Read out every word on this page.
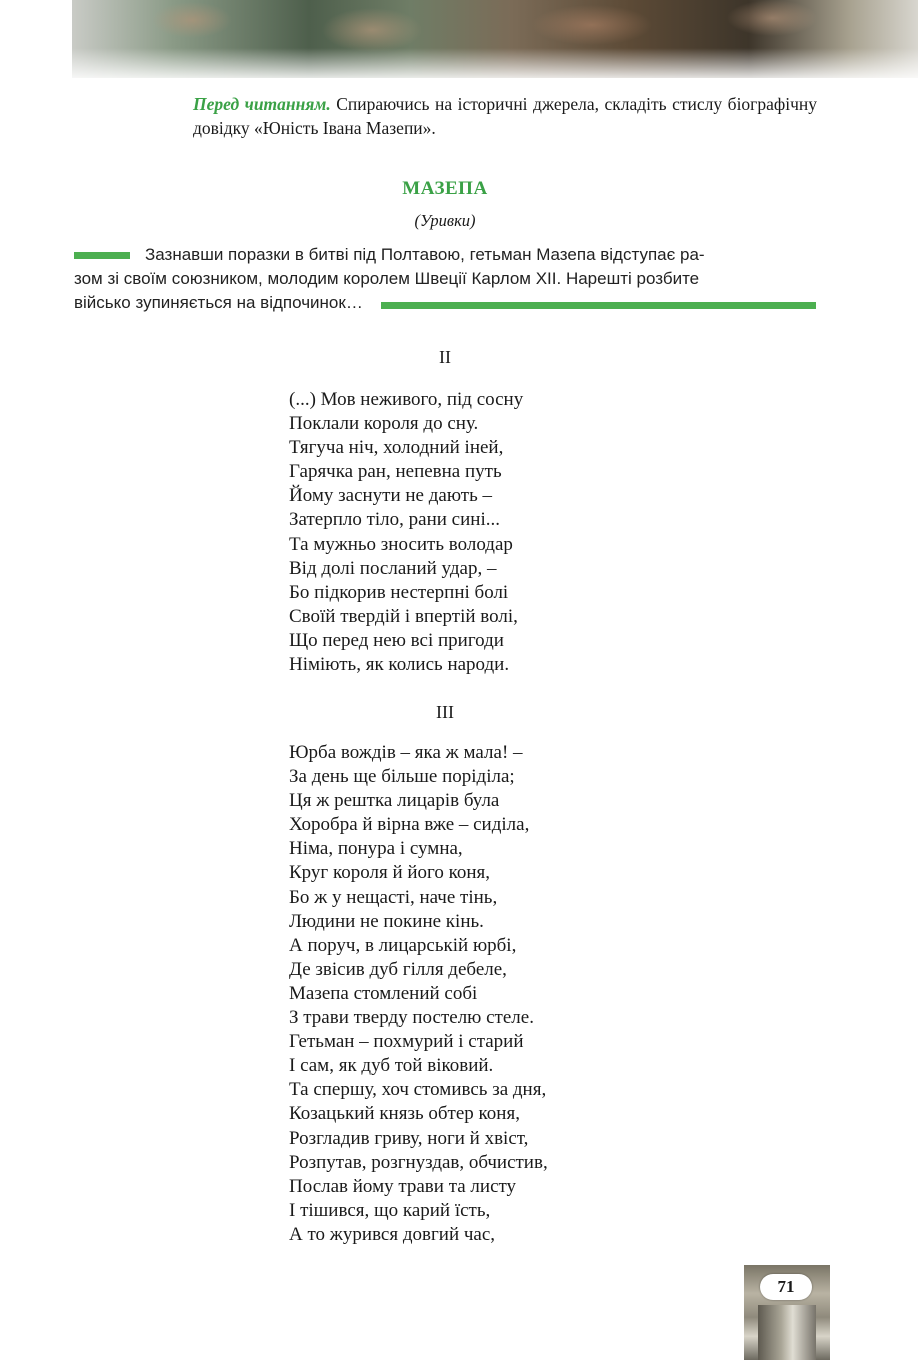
Перед читанням. Спираючись на історичні джерела, складіть стислу біографічну довідку «Юність Івана Мазепи».

МАЗЕПА
(Уривки)
Зазнавши поразки в битві під Полтавою, гетьман Мазепа відступає ра-
зом зі своїм союзником, молодим королем Швеції Карлом XII. Нарешті розбите
військо зупиняється на відпочинок…
II
(...) Мов неживого, під сосну
Поклали короля до сну.
Тягуча ніч, холодний іней,
Гарячка ран, непевна путь
Йому заснути не дають –
Затерпло тіло, рани сині...
Та мужньо зносить володар
Від долі посланий удар, –
Бо підкорив нестерпні болі
Своїй твердій і впертій волі,
Що перед нею всі пригоди
Німіють, як колись народи.
III
Юрба вождів – яка ж мала! –
За день ще більше поріділа;
Ця ж рештка лицарів була
Хоробра й вірна вже – сиділа,
Німа, понура і сумна,
Круг короля й його коня,
Бо ж у нещасті, наче тінь,
Людини не покине кінь.
А поруч, в лицарській юрбі,
Де звісив дуб гілля дебеле,
Мазепа стомлений собі
З трави тверду постелю стеле.
Гетьман – похмурий і старий
І сам, як дуб той віковий.
Та спершу, хоч стомивсь за дня,
Козацький князь обтер коня,
Розгладив гриву, ноги й хвіст,
Розпутав, розгнуздав, обчистив,
Послав йому трави та листу
І тішився, що карий їсть,
А то журився довгий час,
71
